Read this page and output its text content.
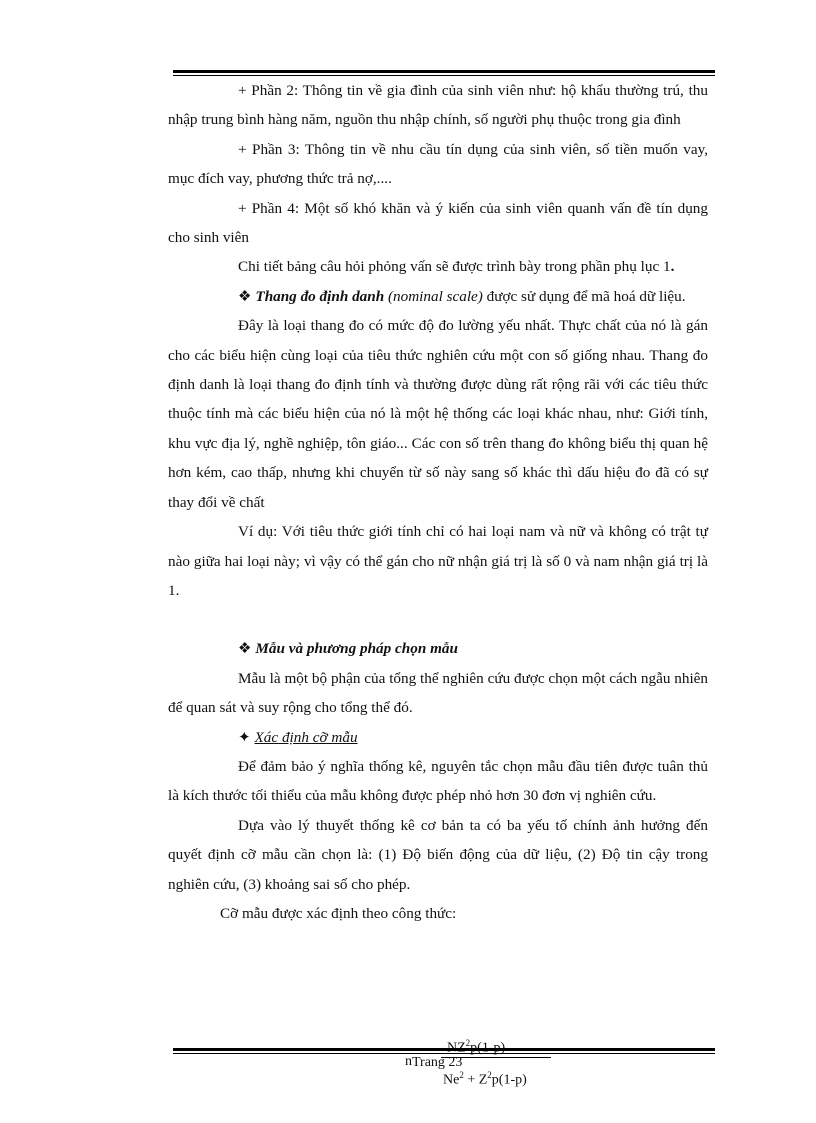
+ Phần 2: Thông tin về gia đình của sinh viên như: hộ khẩu thường trú, thu nhập trung bình hàng năm, nguồn thu nhập chính, số người phụ thuộc trong gia đình

+ Phần 3: Thông tin về nhu cầu tín dụng của sinh viên, số tiền muốn vay, mục đích vay, phương thức trả nợ,....

+ Phần 4: Một số khó khăn và ý kiến của sinh viên quanh vấn đề tín dụng cho sinh viên

Chi tiết bảng câu hỏi phỏng vấn sẽ được trình bày trong phần phụ lục 1.

❖ Thang đo định danh (nominal scale) được sử dụng để mã hoá dữ liệu.

Đây là loại thang đo có mức độ đo lường yếu nhất. Thực chất của nó là gán cho các biểu hiện cùng loại của tiêu thức nghiên cứu một con số giống nhau. Thang đo định danh là loại thang đo định tính và thường được dùng rất rộng rãi với các tiêu thức thuộc tính mà các biểu hiện của nó là một hệ thống các loại khác nhau, như: Giới tính, khu vực địa lý, nghề nghiệp, tôn giáo... Các con số trên thang đo không biểu thị quan hệ hơn kém, cao thấp, nhưng khi chuyển từ số này sang số khác thì dấu hiệu đo đã có sự thay đổi về chất

Ví dụ: Với tiêu thức giới tính chỉ có hai loại nam và nữ và không có trật tự nào giữa hai loại này; vì vậy có thể gán cho nữ nhận giá trị là số 0 và nam nhận giá trị là 1.

❖ Mẫu và phương pháp chọn mẫu

Mẫu là một bộ phận của tổng thể nghiên cứu được chọn một cách ngẫu nhiên để quan sát và suy rộng cho tổng thể đó.

✦ Xác định cỡ mẫu

Để đảm bảo ý nghĩa thống kê, nguyên tắc chọn mẫu đầu tiên được tuân thủ là kích thước tối thiểu của mẫu không được phép nhỏ hơn 30 đơn vị nghiên cứu.

Dựa vào lý thuyết thống kê cơ bản ta có ba yếu tố chính ảnh hưởng đến quyết định cỡ mẫu cần chọn là: (1) Độ biến động của dữ liệu, (2) Độ tin cậy trong nghiên cứu, (3) khoảng sai số cho phép.

Cỡ mẫu được xác định theo công thức:

n
$^2$
$Ne^2 + Z^2p(1-p)$
Trang 23
